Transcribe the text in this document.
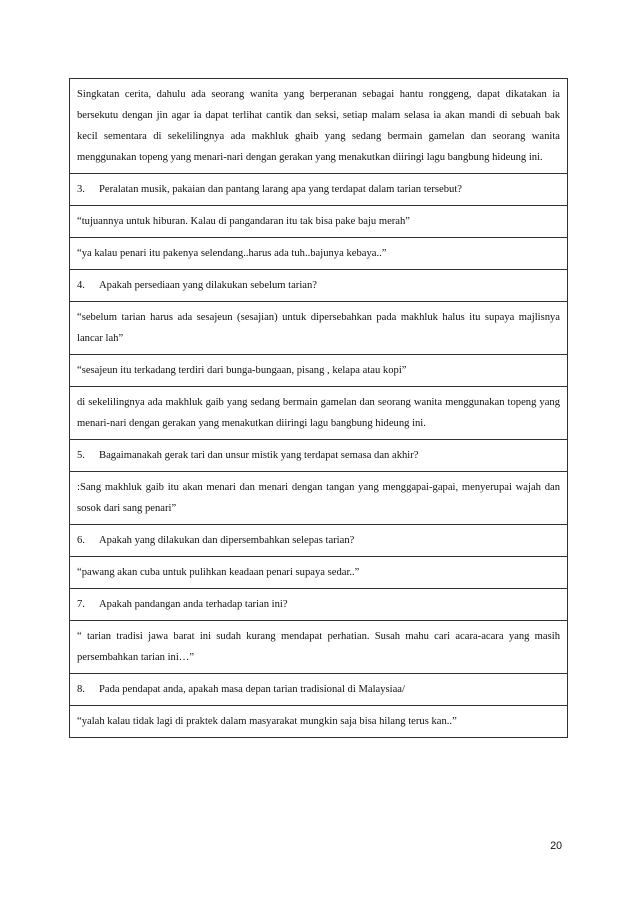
Singkatan cerita, dahulu ada seorang wanita yang berperanan sebagai hantu ronggeng, dapat dikatakan ia bersekutu dengan jin agar ia dapat terlihat cantik dan seksi, setiap malam selasa ia akan mandi di sebuah bak kecil sementara di sekelilingnya ada makhluk ghaib yang sedang bermain gamelan dan seorang wanita menggunakan topeng yang menari-nari dengan gerakan yang menakutkan diiringi lagu bangbung hideung ini.
3. Peralatan musik, pakaian dan pantang larang apa yang terdapat dalam tarian tersebut?
“tujuannya untuk hiburan. Kalau di pangandaran itu tak bisa pake baju merah”
“ya kalau penari itu pakenya selendang..harus ada tuh..bajunya kebaya..”
4. Apakah persediaan yang dilakukan sebelum tarian?
“sebelum tarian harus ada sesajeun (sesajian) untuk dipersebahkan pada makhluk halus itu supaya majlisnya lancar lah”
“sesajeun itu terkadang terdiri dari bunga-bungaan, pisang , kelapa atau kopi”
di sekelilingnya ada makhluk gaib yang sedang bermain gamelan dan seorang wanita menggunakan topeng yang menari-nari dengan gerakan yang menakutkan diiringi lagu bangbung hideung ini.
5. Bagaimanakah gerak tari dan unsur mistik yang terdapat semasa dan akhir?
:Sang makhluk gaib itu akan menari dan menari dengan tangan yang menggapai-gapai, menyerupai wajah dan sosok dari sang penari”
6. Apakah yang dilakukan dan dipersembahkan selepas tarian?
“pawang akan cuba untuk pulihkan keadaan penari supaya sedar..”
7. Apakah pandangan anda terhadap tarian ini?
“ tarian tradisi jawa barat ini sudah kurang mendapat perhatian. Susah mahu cari acara-acara yang masih persembahkan tarian ini…”
8. Pada pendapat anda, apakah masa depan tarian tradisional di Malaysiaa/
“yalah kalau tidak lagi di praktek dalam masyarakat mungkin saja bisa hilang terus kan..”
20
